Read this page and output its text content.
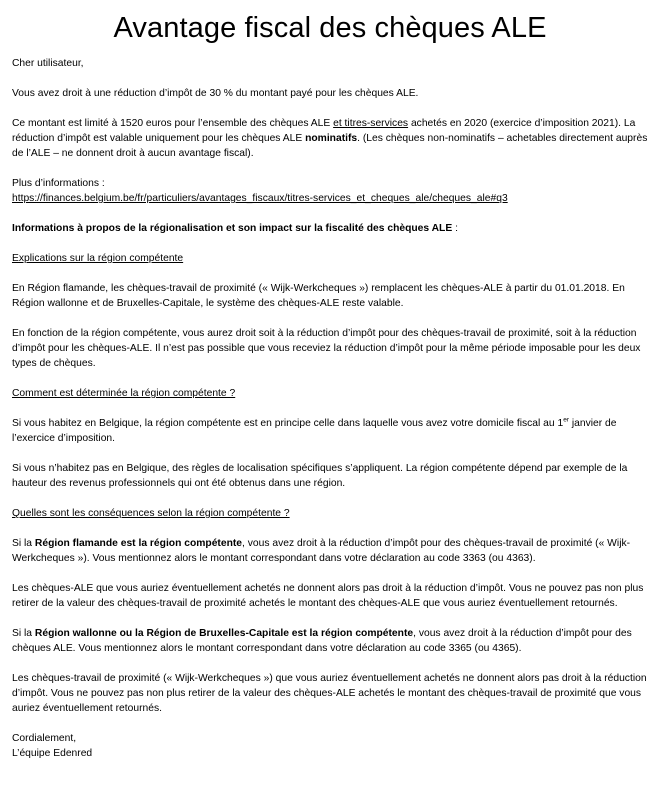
Avantage fiscal des chèques ALE

Cher utilisateur,

Vous avez droit à une réduction d’impôt de 30 % du montant payé pour les chèques ALE.

Ce montant est limité à 1520 euros pour l’ensemble des chèques ALE et titres-services achetés en 2020 (exercice d’imposition 2021). La réduction d’impôt est valable uniquement pour les chèques ALE nominatifs. (Les chèques non-nominatifs – achetables directement auprès de l’ALE – ne donnent droit à aucun avantage fiscal).

Plus d’informations :

https://finances.belgium.be/fr/particuliers/avantages_fiscaux/titres-services_et_cheques_ale/cheques_ale#q3

Informations à propos de la régionalisation et son impact sur la fiscalité des chèques ALE :

Explications sur la région compétente

En Région flamande, les chèques-travail de proximité (« Wijk-Werkcheques ») remplacent les chèques-ALE à partir du 01.01.2018. En Région wallonne et de Bruxelles-Capitale, le système des chèques-ALE reste valable.

En fonction de la région compétente, vous aurez droit soit à la réduction d’impôt pour des chèques-travail de proximité, soit à la réduction d’impôt pour les chèques-ALE. Il n’est pas possible que vous receviez la réduction d’impôt pour la même période imposable pour les deux types de chèques.

Comment est déterminée la région compétente ?

Si vous habitez en Belgique, la région compétente est en principe celle dans laquelle vous avez votre domicile fiscal au 1er janvier de l’exercice d’imposition.

Si vous n’habitez pas en Belgique, des règles de localisation spécifiques s’appliquent. La région compétente dépend par exemple de la hauteur des revenus professionnels qui ont été obtenus dans une région.

Quelles sont les conséquences selon la région compétente ?

Si la Région flamande est la région compétente, vous avez droit à la réduction d’impôt pour des chèques-travail de proximité (« Wijk-Werkcheques »). Vous mentionnez alors le montant correspondant dans votre déclaration au code 3363 (ou 4363).

Les chèques-ALE que vous auriez éventuellement achetés ne donnent alors pas droit à la réduction d’impôt. Vous ne pouvez pas non plus retirer de la valeur des chèques-travail de proximité achetés le montant des chèques-ALE que vous auriez éventuellement retournés.

Si la Région wallonne ou la Région de Bruxelles-Capitale est la région compétente, vous avez droit à la réduction d’impôt pour des chèques ALE. Vous mentionnez alors le montant correspondant dans votre déclaration au code 3365 (ou 4365).

Les chèques-travail de proximité (« Wijk-Werkcheques ») que vous auriez éventuellement achetés ne donnent alors pas droit à la réduction d’impôt. Vous ne pouvez pas non plus retirer de la valeur des chèques-ALE achetés le montant des chèques-travail de proximité que vous auriez éventuellement retournés.

Cordialement,

L’équipe Edenred
